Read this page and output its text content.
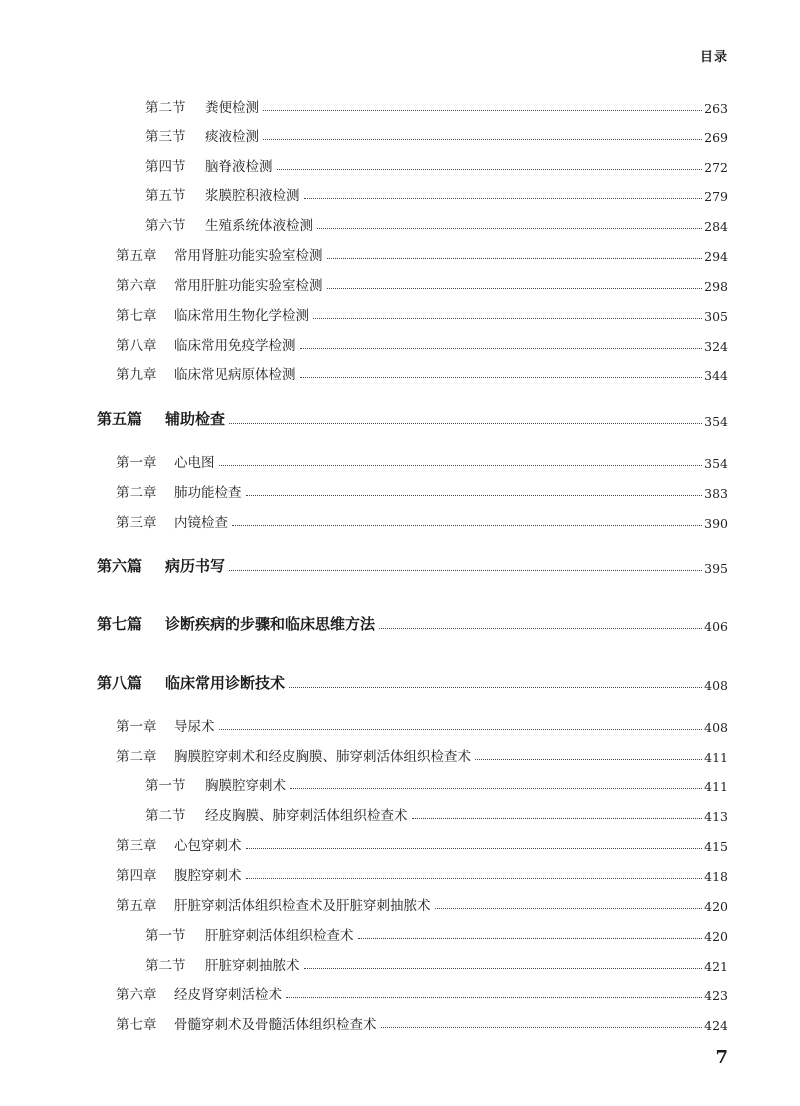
目录
第二节	粪便检测	263
第三节	痰液检测	269
第四节	脑脊液检测	272
第五节	浆膜腔积液检测	279
第六节	生殖系统体液检测	284
第五章	常用肾脏功能实验室检测	294
第六章	常用肝脏功能实验室检测	298
第七章	临床常用生物化学检测	305
第八章	临床常用免疫学检测	324
第九章	临床常见病原体检测	344
第五篇	辅助检查	354
第一章	心电图	354
第二章	肺功能检查	383
第三章	内镜检查	390
第六篇	病历书写	395
第七篇	诊断疾病的步骤和临床思维方法	406
第八篇	临床常用诊断技术	408
第一章	导尿术	408
第二章	胸膜腔穿刺术和经皮胸膜、肺穿刺活体组织检查术	411
第一节	胸膜腔穿刺术	411
第二节	经皮胸膜、肺穿刺活体组织检查术	413
第三章	心包穿刺术	415
第四章	腹腔穿刺术	418
第五章	肝脏穿刺活体组织检查术及肝脏穿刺抽脓术	420
第一节	肝脏穿刺活体组织检查术	420
第二节	肝脏穿刺抽脓术	421
第六章	经皮肾穿刺活检术	423
第七章	骨髓穿刺术及骨髓活体组织检查术	424
7
